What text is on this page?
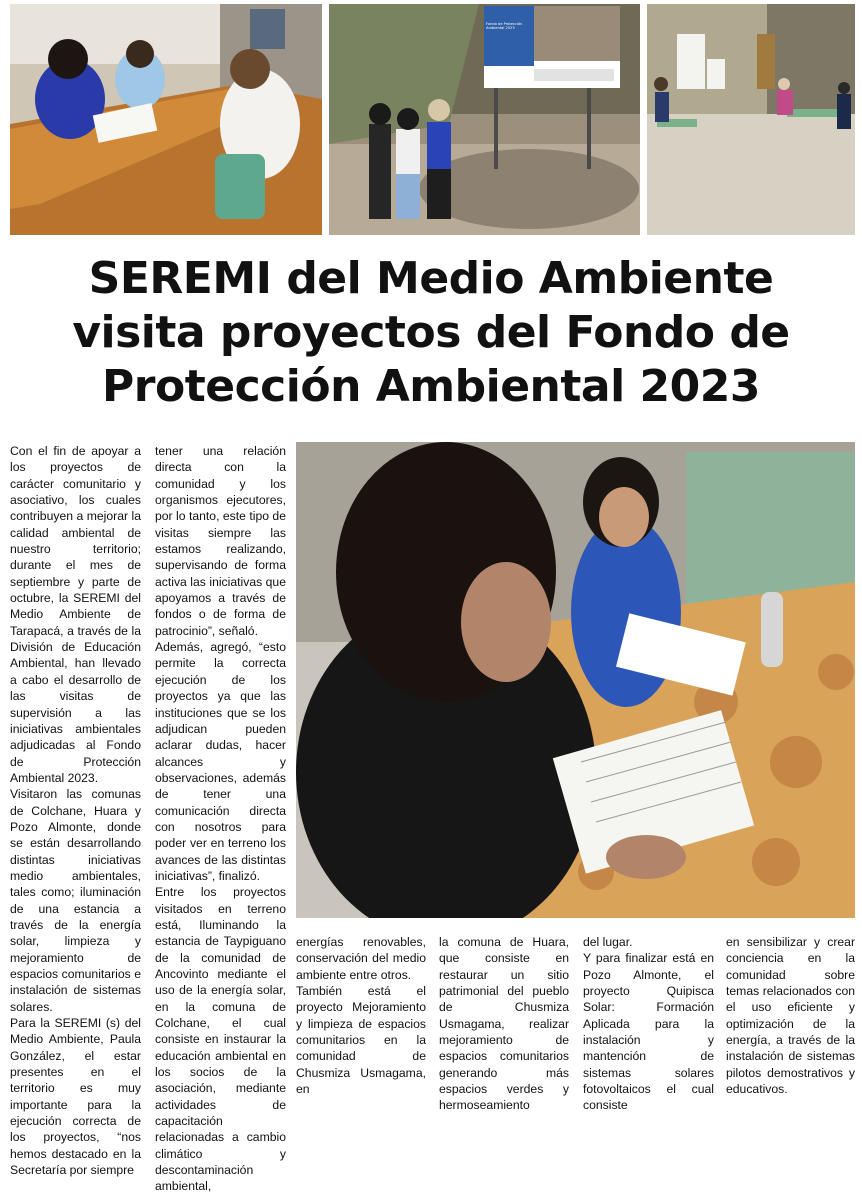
SEREMI del Medio Ambiente
visita proyectos del Fondo de
Protección Ambiental 2023

Con el fin de apoyar a los proyectos de carácter comunitario y asociativo, los cuales contribuyen a mejorar la calidad ambiental de nuestro territorio; durante el mes de septiembre y parte de octubre, la SEREMI del Medio Ambiente de Tarapacá, a través de la División de Educación Ambiental, han llevado a cabo el desarrollo de las visitas de supervisión a las iniciativas ambientales adjudicadas al Fondo de Protección Ambiental 2023.

Visitaron las comunas de Colchane, Huara y Pozo Almonte, donde se están desarrollando distintas iniciativas medio ambientales, tales como; iluminación de una estancia a través de la energía solar, limpieza y mejoramiento de espacios comunitarios e instalación de sistemas solares.

Para la SEREMI (s) del Medio Ambiente, Paula González, el estar presentes en el territorio es muy importante para la ejecución correcta de los proyectos, “nos hemos destacado en la Secretaría por siempre

tener una relación directa con la comunidad y los organismos ejecutores, por lo tanto, este tipo de visitas siempre las estamos realizando, supervisando de forma activa las iniciativas que apoyamos a través de fondos o de forma de patrocinio”, señaló.

Además, agregó, “esto permite la correcta ejecución de los proyectos ya que las instituciones que se los adjudican pueden aclarar dudas, hacer alcances y observaciones, además de tener una comunicación directa con nosotros para poder ver en terreno los avances de las distintas iniciativas”, finalizó.

Entre los proyectos visitados en terreno está, Iluminando la estancia de Taypiguano de la comunidad de Ancovinto mediante el uso de la energía solar, en la comuna de Colchane, el cual consiste en instaurar la educación ambiental en los socios de la asociación, mediante actividades de capacitación relacionadas a cambio climático y descontaminación ambiental,

energías renovables, conservación del medio ambiente entre otros.

También está el proyecto Mejoramiento y limpieza de espacios comunitarios en la comunidad de Chusmiza Usmagama, en

la comuna de Huara, que consiste en restaurar un sitio patrimonial del pueblo de Chusmiza Usmagama, realizar mejoramiento de espacios comunitarios generando más espacios verdes y hermoseamiento

del lugar.

Y para finalizar está en Pozo Almonte, el proyecto Quipisca Solar: Formación Aplicada para la instalación y mantención de sistemas solares fotovoltaicos el cual consiste

en sensibilizar y crear conciencia en la comunidad sobre temas relacionados con el uso eficiente y optimización de la energía, a través de la instalación de sistemas pilotos demostrativos y educativos.

Fondo de Protección Ambiental 2023
